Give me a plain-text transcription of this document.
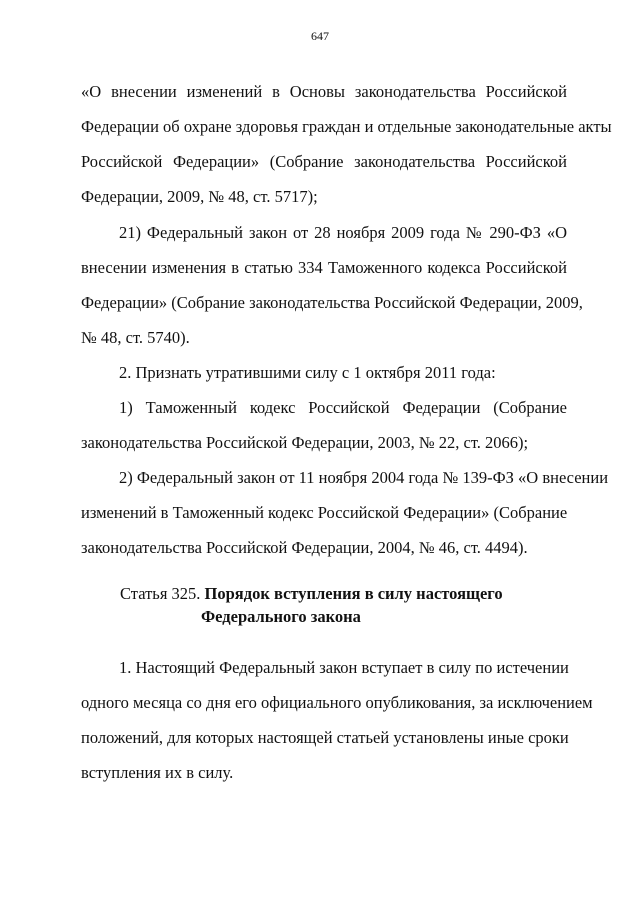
647
«О внесении изменений в Основы законодательства Российской
Федерации об охране здоровья граждан и отдельные законодательные акты
Российской Федерации» (Собрание законодательства Российской
Федерации, 2009, № 48, ст. 5717);
21) Федеральный закон от 28 ноября 2009 года № 290-ФЗ «О
внесении изменения в статью 334 Таможенного кодекса Российской
Федерации» (Собрание законодательства Российской Федерации, 2009,
№ 48, ст. 5740).
2. Признать утратившими силу с 1 октября 2011 года:
1) Таможенный кодекс Российской Федерации (Собрание
законодательства Российской Федерации, 2003, № 22, ст. 2066);
2) Федеральный закон от 11 ноября 2004 года № 139-ФЗ «О внесении
изменений в Таможенный кодекс Российской Федерации» (Собрание
законодательства Российской Федерации, 2004, № 46, ст. 4494).
Статья 325. Порядок вступления в силу настоящего
Федерального закона
1. Настоящий Федеральный закон вступает в силу по истечении
одного месяца со дня его официального опубликования, за исключением
положений, для которых настоящей статьей установлены иные сроки
вступления их в силу.
